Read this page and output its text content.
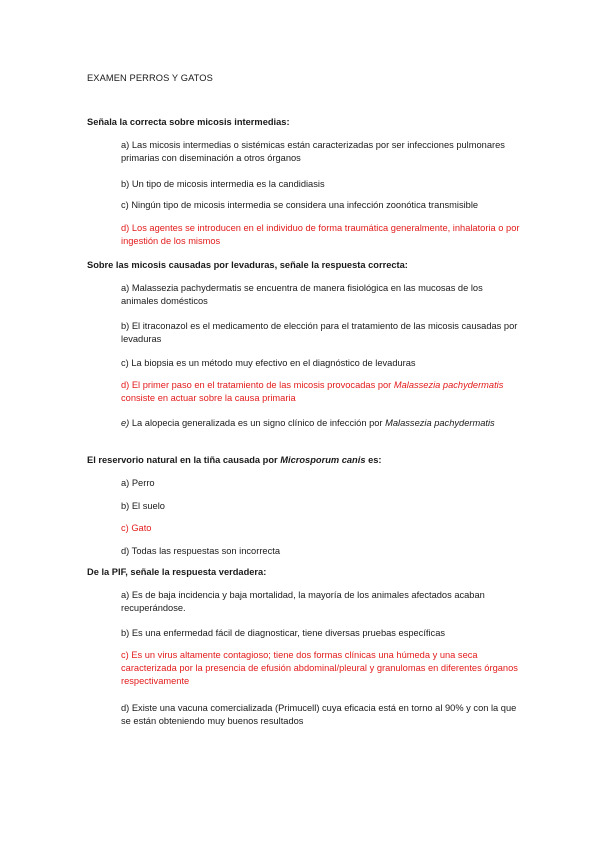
EXAMEN PERROS Y GATOS
Señala la correcta sobre micosis intermedias:
a) Las micosis intermedias o sistémicas están caracterizadas por ser infecciones pulmonares primarias con diseminación a otros órganos
b) Un tipo de micosis intermedia es la candidiasis
c) Ningún tipo de micosis intermedia se considera una infección zoonótica transmisible
d) Los agentes se introducen en el individuo de forma traumática generalmente, inhalatoria o por ingestión de los mismos
Sobre las micosis causadas por levaduras, señale la respuesta correcta:
a) Malassezia pachydermatis se encuentra de manera fisiológica en las mucosas de los animales domésticos
b) El itraconazol es el medicamento de elección para el tratamiento de las micosis causadas por levaduras
c) La biopsia es un método muy efectivo en el diagnóstico de levaduras
d) El primer paso en el tratamiento de las micosis provocadas por Malassezia pachydermatis consiste en actuar sobre la causa primaria
e) La alopecia generalizada es un signo clínico de infección por Malassezia pachydermatis
El reservorio natural en la tiña causada por Microsporum canis es:
a) Perro
b) El suelo
c) Gato
d) Todas las respuestas son incorrecta
De la PIF, señale la respuesta verdadera:
a) Es de baja incidencia y baja mortalidad, la mayoría de los animales afectados acaban recuperándose.
b) Es una enfermedad fácil de diagnosticar, tiene diversas pruebas específicas
c) Es un virus altamente contagioso; tiene dos formas clínicas una húmeda y una seca caracterizada por la presencia de efusión abdominal/pleural y granulomas en diferentes órganos respectivamente
d) Existe una vacuna comercializada (Primucell) cuya eficacia está en torno al 90% y con la que se están obteniendo muy buenos resultados
